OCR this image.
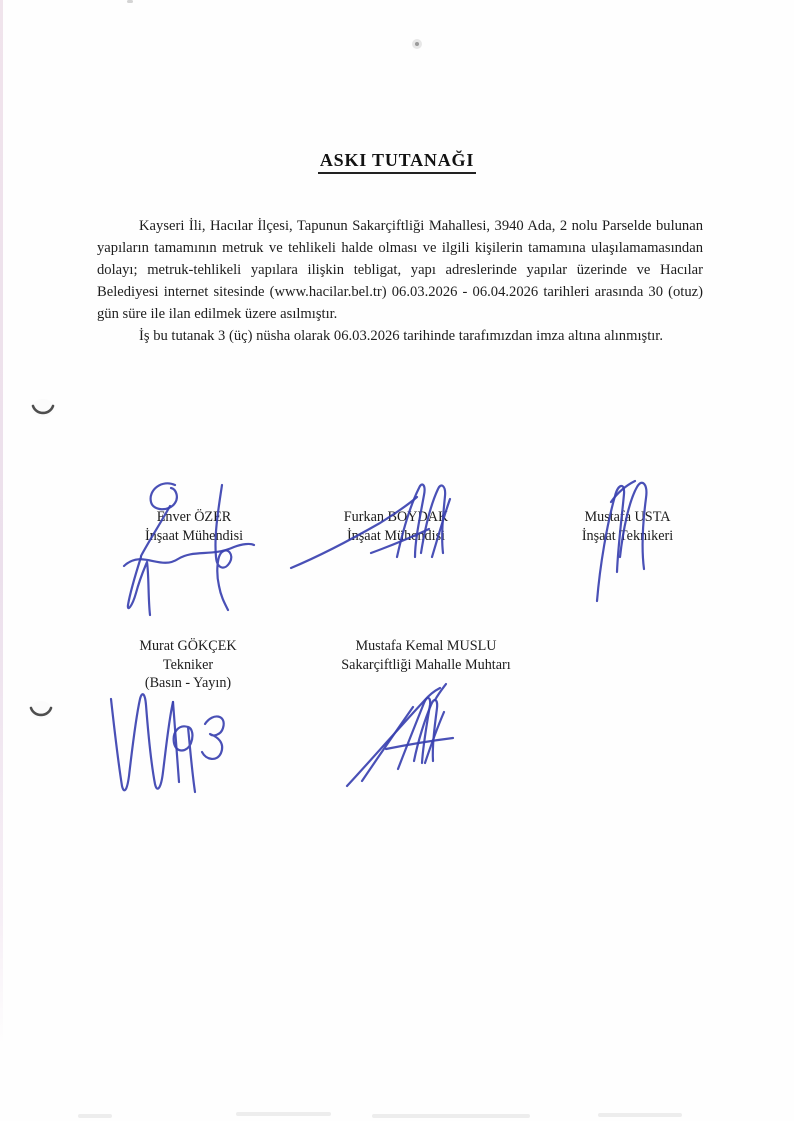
ASKI TUTANAĞI

Kayseri İli, Hacılar İlçesi, Tapunun Sakarçiftliği Mahallesi, 3940 Ada, 2 nolu Parselde bulunan yapıların tamamının metruk ve tehlikeli halde olması ve ilgili kişilerin tamamına ulaşılamamasından dolayı; metruk-tehlikeli yapılara ilişkin tebligat, yapı adreslerinde yapılar üzerinde ve Hacılar Belediyesi internet sitesinde (www.hacilar.bel.tr) 06.03.2026 - 06.04.2026 tarihleri arasında 30 (otuz) gün süre ile ilan edilmek üzere asılmıştır.

İş bu tutanak 3 (üç) nüsha olarak 06.03.2026 tarihinde tarafımızdan imza altına alınmıştır.

Enver ÖZER
İnşaat Mühendisi
Furkan BOYDAK
İnşaat Mühendisi
Mustafa USTA
İnşaat Teknikeri
Murat GÖKÇEK
Tekniker
(Basın - Yayın)
Mustafa Kemal MUSLU
Sakarçiftliği Mahalle Muhtarı
